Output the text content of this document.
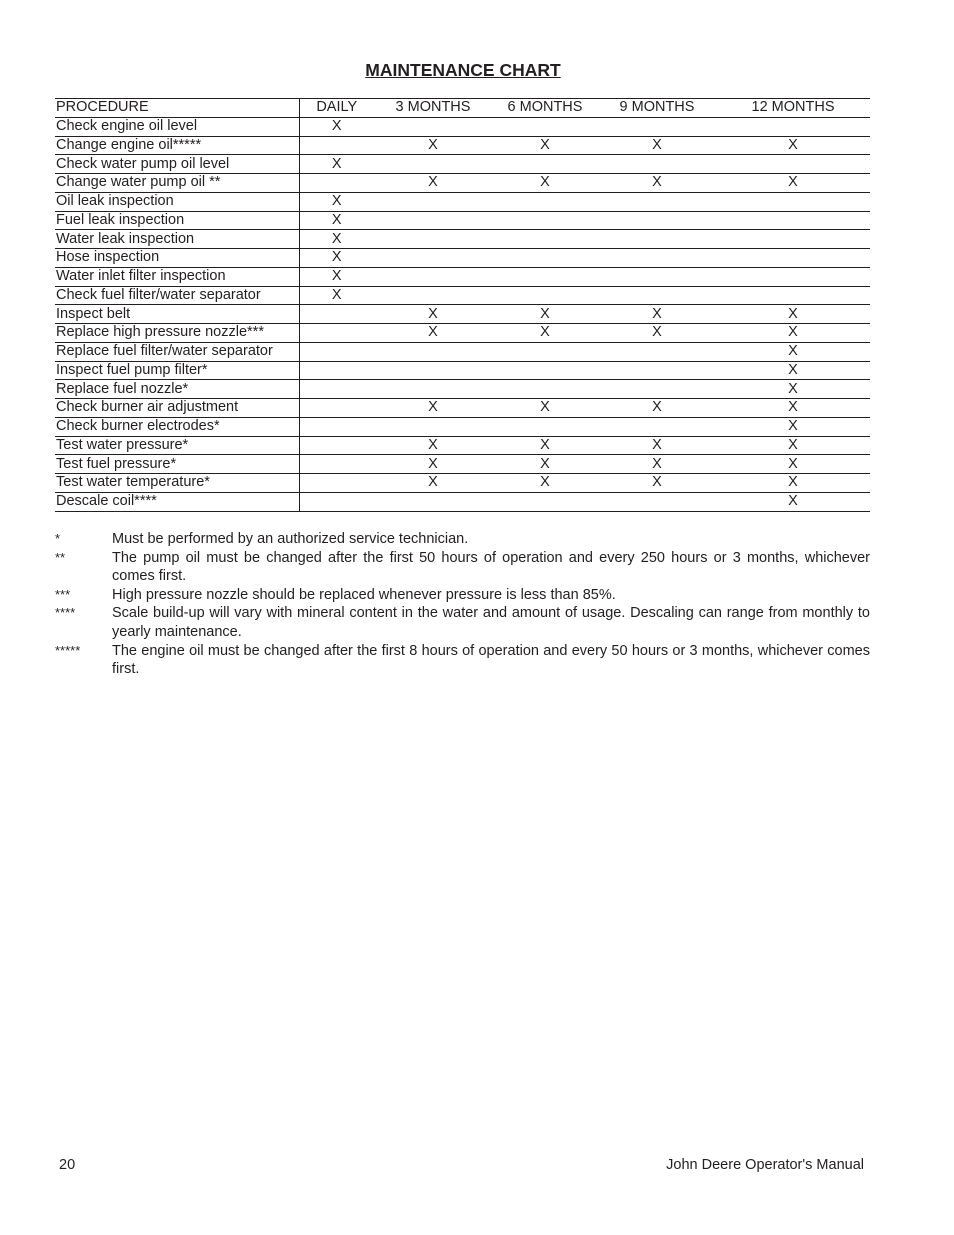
MAINTENANCE CHART
PROCEDURE	DAILY	3 MONTHS	6 MONTHS	9 MONTHS	12 MONTHS
Check engine oil level	X				
Change engine oil*****		X	X	X	X
Check water pump oil level	X				
Change water pump oil **		X	X	X	X
Oil leak inspection	X				
Fuel leak inspection	X				
Water leak inspection	X				
Hose inspection	X				
Water inlet filter inspection	X				
Check fuel filter/water separator	X				
Inspect belt		X	X	X	X
Replace high pressure nozzle***		X	X	X	X
Replace fuel filter/water separator					X
Inspect fuel pump filter*					X
Replace fuel nozzle*					X
Check burner air adjustment		X	X	X	X
Check burner electrodes*					X
Test water pressure*		X	X	X	X
Test fuel pressure*		X	X	X	X
Test water temperature*		X	X	X	X
Descale coil****					X
*	Must be performed by an authorized service technician.
**	The pump oil must be changed after the first 50 hours of operation and every 250 hours or 3 months, whichever comes first.
***	High pressure nozzle should be replaced whenever pressure is less than 85%.
****	Scale build-up will vary with mineral content in the water and amount of usage. Descaling can range from monthly to yearly maintenance.
*****	The engine oil must be changed after the first 8 hours of operation and every 50 hours or 3 months, whichever comes first.
20	John Deere Operator's Manual
